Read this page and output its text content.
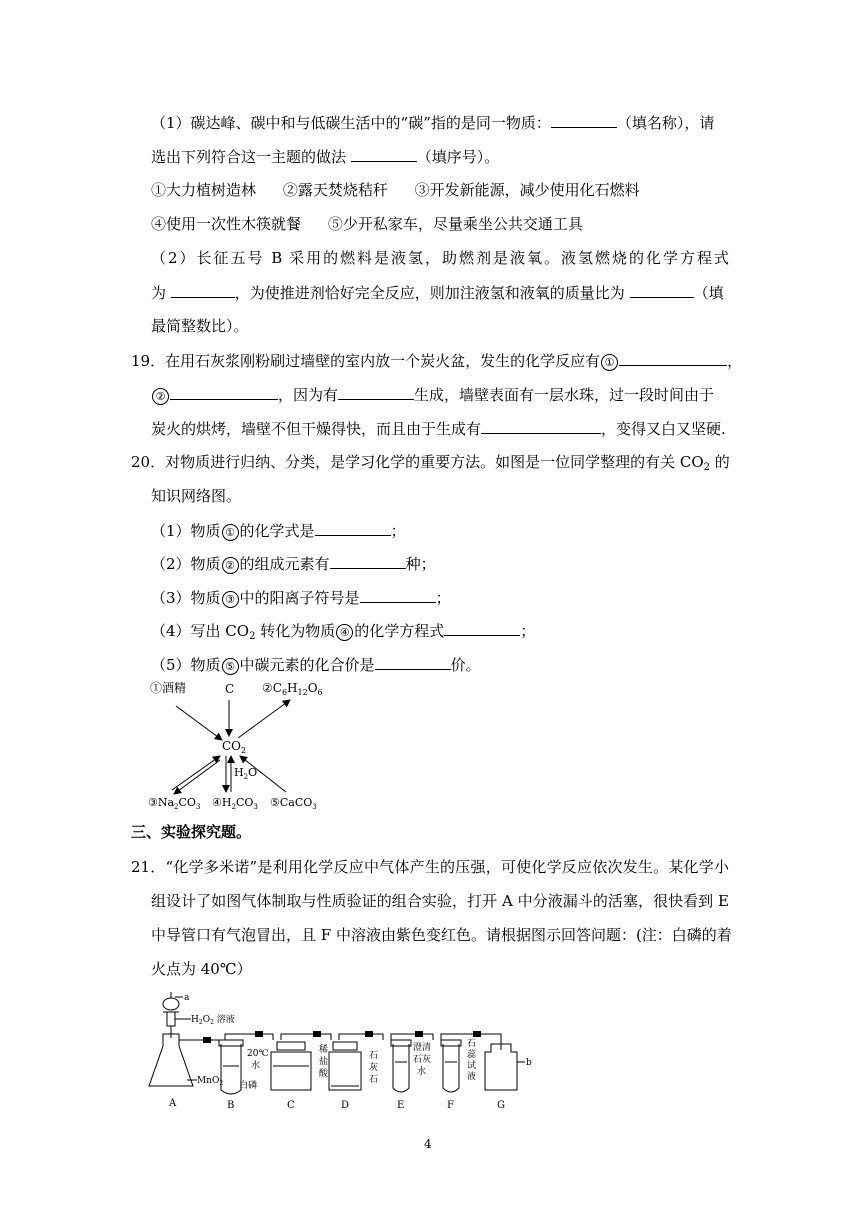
（1）碳达峰、碳中和与低碳生活中的“碳”指的是同一物质：	（填名称），请
选出下列符合这一主题的做法	（填序号）。
①大力植树造林 ②露天焚烧秸秆 ③开发新能源，减少使用化石燃料
④使用一次性木筷就餐 ⑤少开私家车，尽量乘坐公共交通工具
（2）长征五号 B 采用的燃料是液氢，助燃剂是液氧。液氢燃烧的化学方程式
为	，为使推进剂恰好完全反应，则加注液氢和液氧的质量比为	（填
最简整数比）。
19．在用石灰浆刚粉刷过墙壁的室内放一个炭火盆，发生的化学反应有 ①	，
②	，因为有	生成，墙壁表面有一层水珠，过一段时间由于
炭火的烘烤，墙壁不但干燥得快，而且由于生成有	，变得又白又坚硬.
20．对物质进行归纳、分类，是学习化学的重要方法。如图是一位同学整理的有关 $CO_2$ 的
知识网络图。
（1）物质 ① 的化学式是	；
（2）物质 ② 的组成元素有	种；
（3）物质 ③ 中的阳离子符号是	；
（4）写出 $CO_2$ 转化为物质 ④ 的化学方程式	；
（5）物质 ⑤ 中碳元素的化合价是	价。
①酒精	C $②C_6H_{12}O_6$
$CO_2$
$H_2O$
$③Na_2CO_3$ $④H_2CO_3$ ⑤CaCO$_3$
三、实验探究题。
21．“化学多米诺”是利用化学反应中气体产生的压强，可使化学反应依次发生。某化学小
组设计了如图气体制取与性质验证的组合实验，打开 A 中分液漏斗的活塞，很快看到 E
中导管口有气泡冒出，且 F 中溶液由紫色变红色。请根据图示回答问题：(注：白磷的着
火点为 40℃）
a
$H_2O_2$ 溶液
MnO$_2$
20℃
水
白磷
稀
盐
酸
石
灰
石
澄清
石灰
水
石
蕊
试
液
b
A	B	C	D	E	F	G
4
